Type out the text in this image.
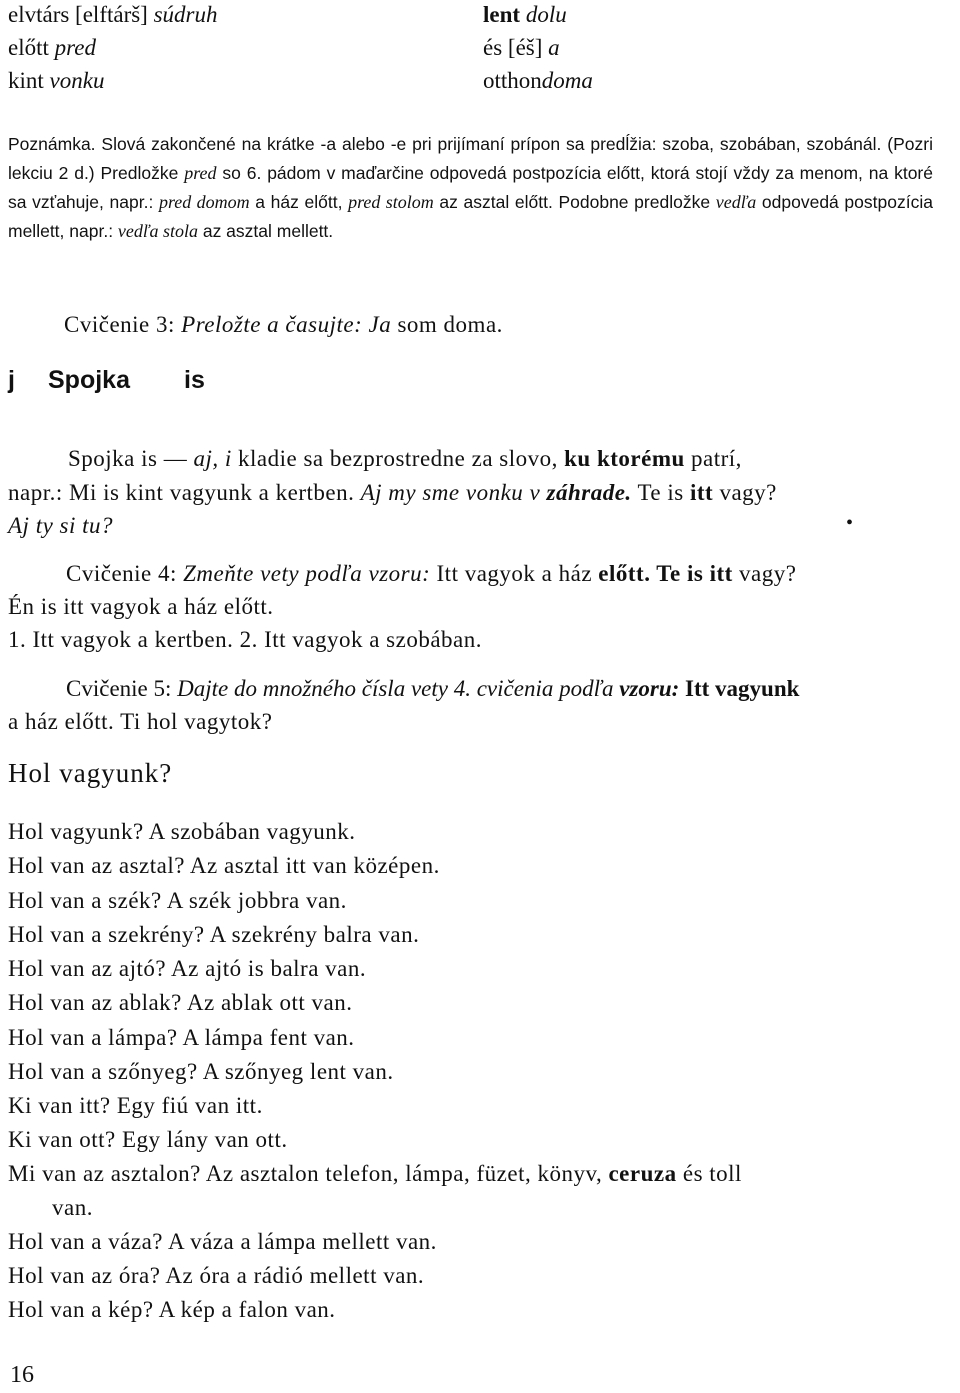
elvtárs [elftárš] súdruh	lent dolu
előtt pred	és [éš] a
kint vonku	otthondoma
Poznámka. Slová zakončené na krátke -a alebo -e pri prijímaní prípon sa predĺžia: szoba, szobában, szobánál. (Pozri lekciu 2 d.) Predložke pred so 6. pádom v maďarčine odpovedá postpozícia előtt, ktorá stojí vždy za menom, na ktoré sa vzťahuje, napr.: pred domom a ház előtt, pred stolom az asztal előtt. Podobne predložke vedľa odpovedá postpozícia mellett, napr.: vedľa stola az asztal mellett.
Cvičenie 3: Preložte a časujte: Ja som doma.
j Spojka is
Spojka is — aj, i kladie sa bezprostredne za slovo, ku ktorému patrí,
napr.: Mi is kint vagyunk a kertben. Aj my sme vonku v záhrade. Te is itt vagy?
Aj ty si tu?	•
Cvičenie 4: Zmeňte vety podľa vzoru: Itt vagyok a ház előtt. Te is itt vagy?
Én is itt vagyok a ház előtt.
1. Itt vagyok a kertben. 2. Itt vagyok a szobában.
Cvičenie 5: Dajte do množného čísla vety 4. cvičenia podľa vzoru: Itt vagyunk
a ház előtt. Ti hol vagytok?
Hol vagyunk?
Hol vagyunk? A szobában vagyunk.
Hol van az asztal? Az asztal itt van középen.
Hol van a szék? A szék jobbra van.
Hol van a szekrény? A szekrény balra van.
Hol van az ajtó? Az ajtó is balra van.
Hol van az ablak? Az ablak ott van.
Hol van a lámpa? A lámpa fent van.
Hol van a szőnyeg? A szőnyeg lent van.
Ki van itt? Egy fiú van itt.
Ki van ott? Egy lány van ott.
Mi van az asztalon? Az asztalon telefon, lámpa, füzet, könyv, ceruza és toll
van.
Hol van a váza? A váza a lámpa mellett van.
Hol van az óra? Az óra a rádió mellett van.
Hol van a kép? A kép a falon van.
16
